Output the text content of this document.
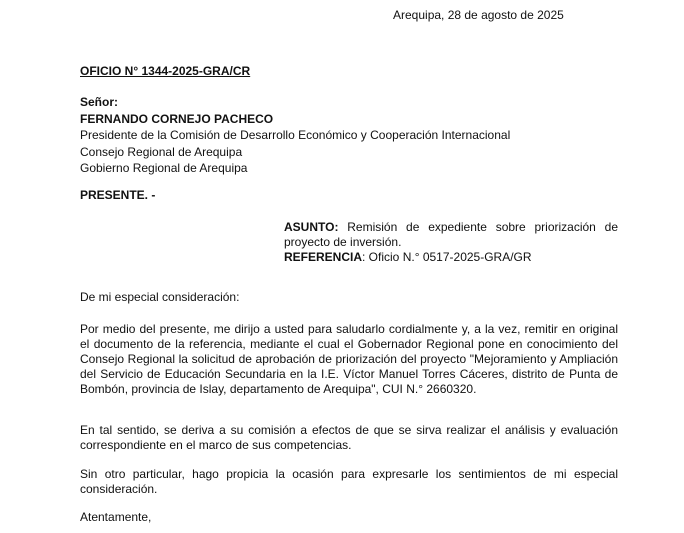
Arequipa, 28 de agosto de 2025
OFICIO N° 1344-2025-GRA/CR
Señor:
FERNANDO CORNEJO PACHECO
Presidente de la Comisión de Desarrollo Económico y Cooperación Internacional
Consejo Regional de Arequipa
Gobierno Regional de Arequipa
PRESENTE. -
ASUNTO: Remisión de expediente sobre priorización de proyecto de inversión.
REFERENCIA: Oficio N.° 0517-2025-GRA/GR
De mi especial consideración:
Por medio del presente, me dirijo a usted para saludarlo cordialmente y, a la vez, remitir en original el documento de la referencia, mediante el cual el Gobernador Regional pone en conocimiento del Consejo Regional la solicitud de aprobación de priorización del proyecto "Mejoramiento y Ampliación del Servicio de Educación Secundaria en la I.E. Víctor Manuel Torres Cáceres, distrito de Punta de Bombón, provincia de Islay, departamento de Arequipa", CUI N.° 2660320.
En tal sentido, se deriva a su comisión a efectos de que se sirva realizar el análisis y evaluación correspondiente en el marco de sus competencias.
Sin otro particular, hago propicia la ocasión para expresarle los sentimientos de mi especial consideración.
Atentamente,
